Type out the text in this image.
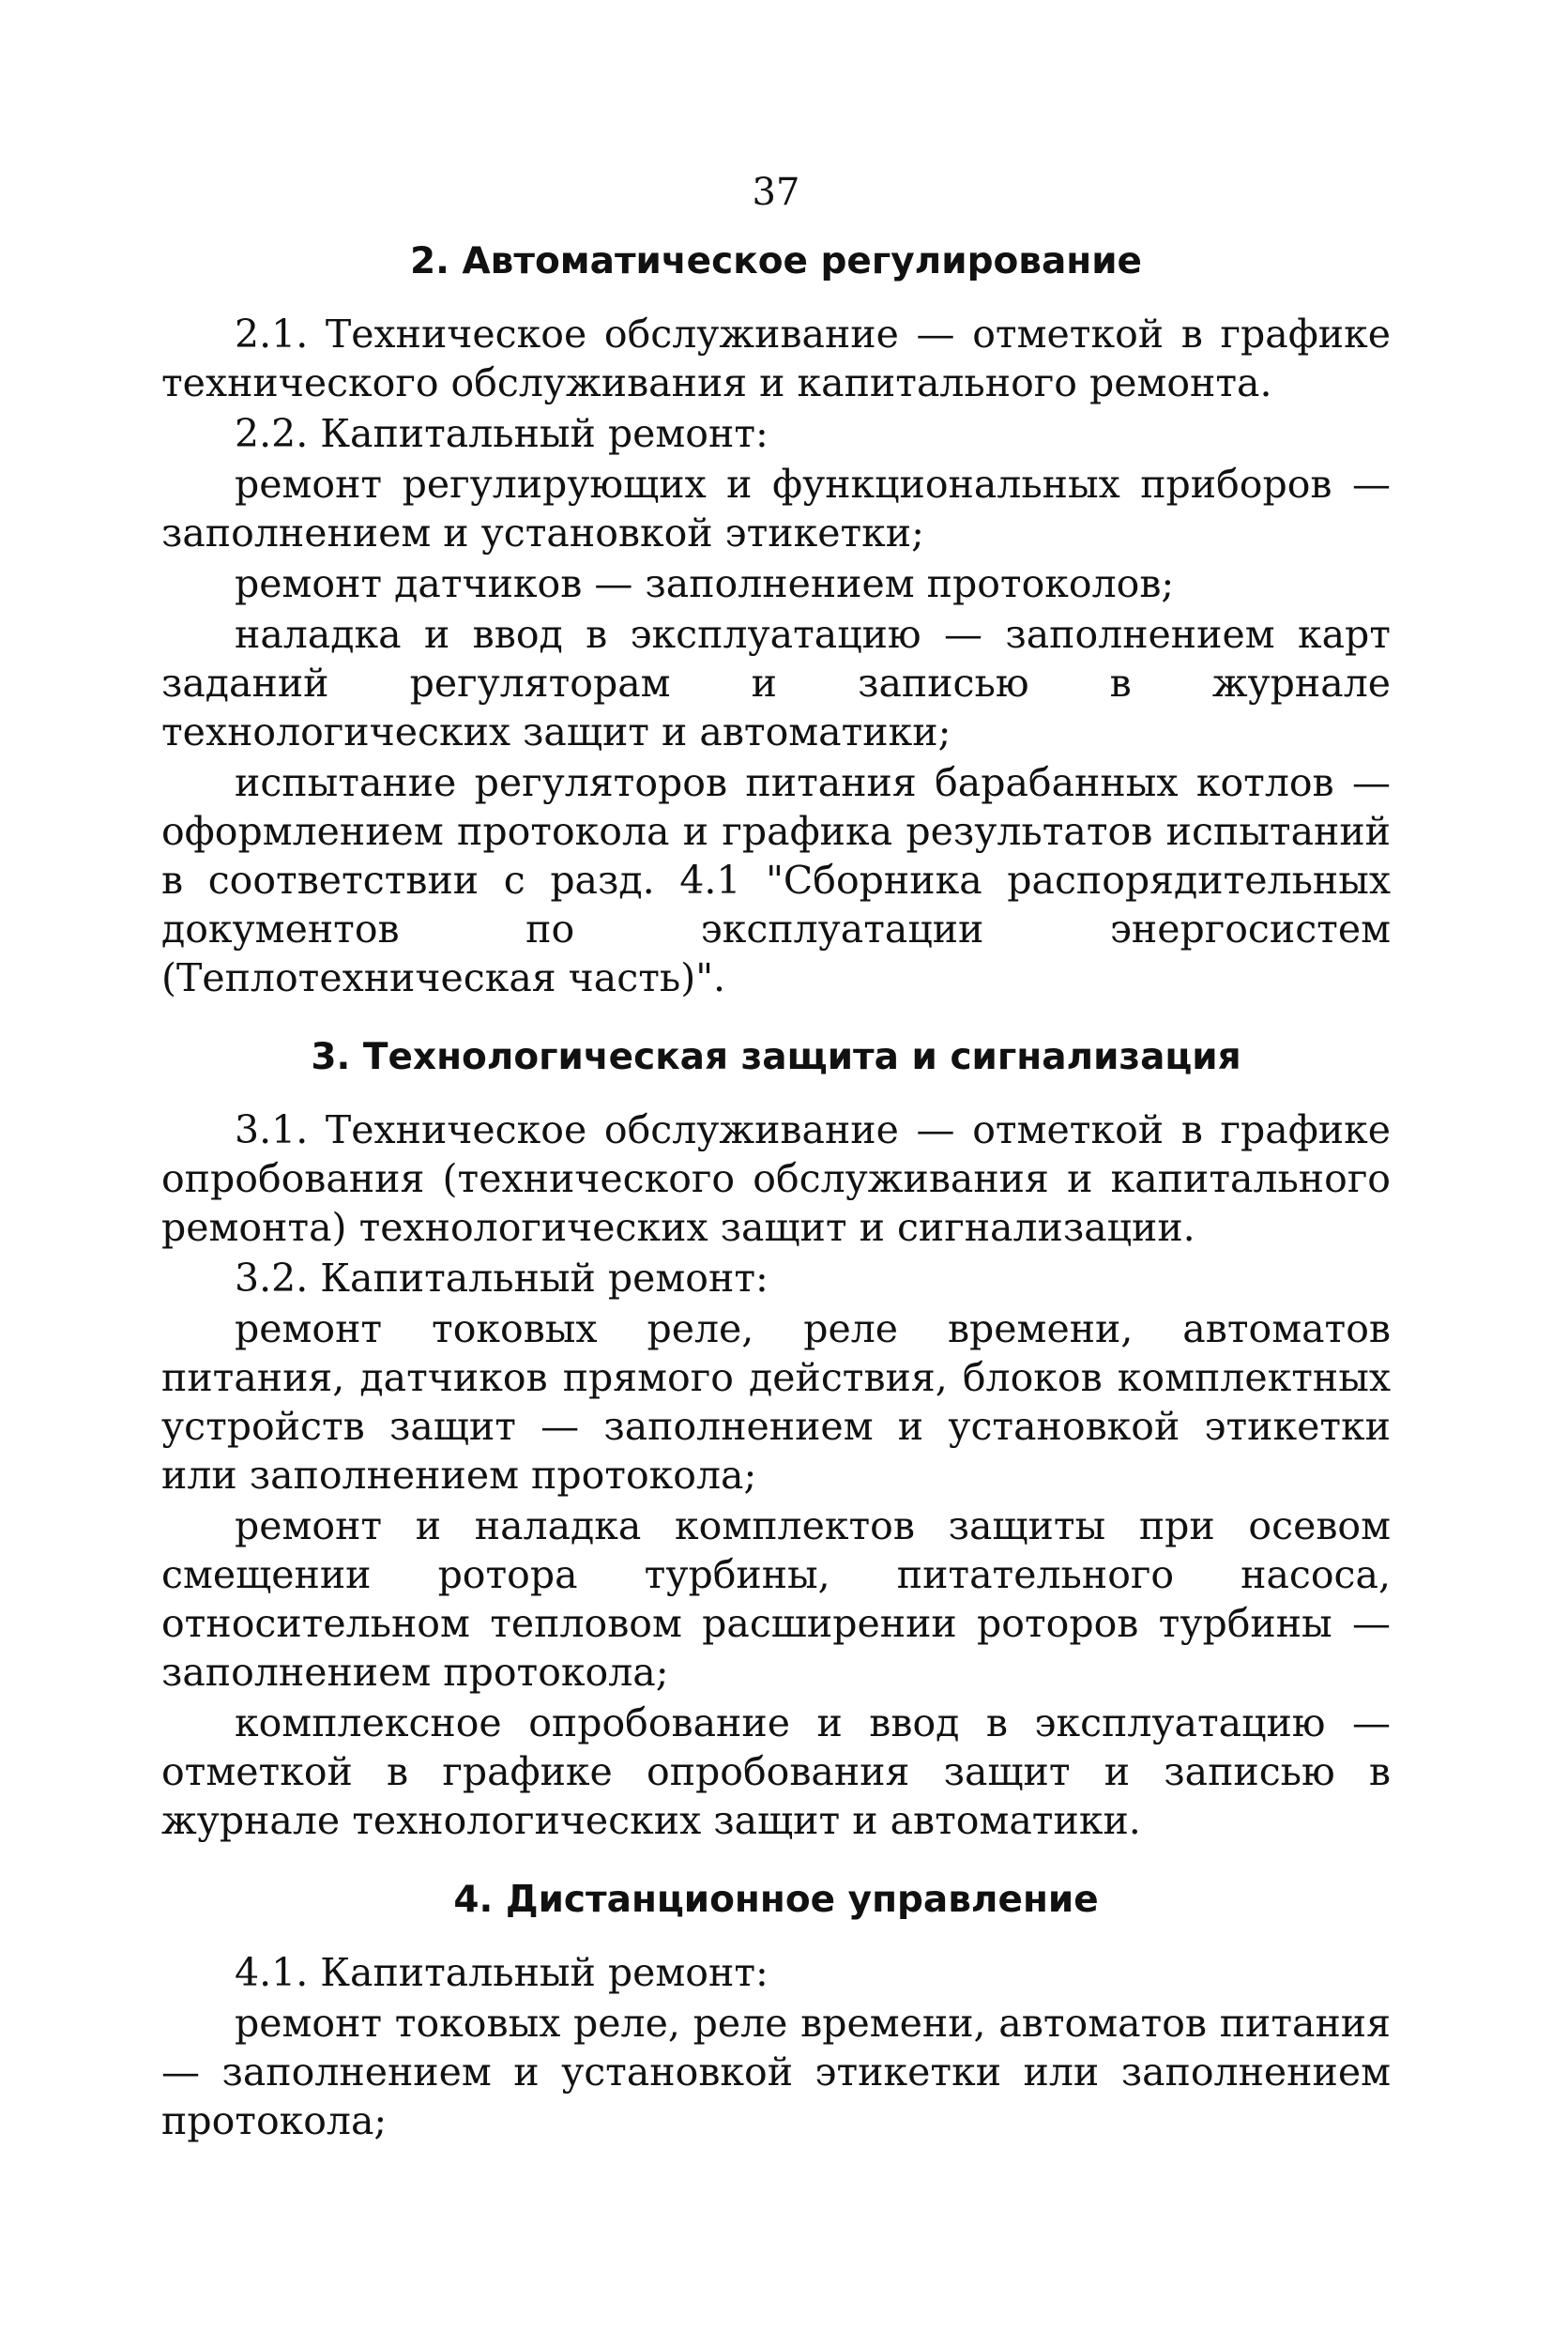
37
2. Автоматическое регулирование

2.1. Техническое обслуживание — отметкой в графике технического обслуживания и капитального ремонта.

2.2. Капитальный ремонт:

ремонт регулирующих и функциональных приборов — заполнением и установкой этикетки;

ремонт датчиков — заполнением протоколов;

наладка и ввод в эксплуатацию — заполнением карт заданий регуляторам и записью в журнале технологических защит и автоматики;

испытание регуляторов питания барабанных котлов — оформлением протокола и графика результатов испытаний в соответствии с разд. 4.1 "Сборника распорядительных документов по эксплуатации энергосистем (Теплотехническая часть)".

3. Технологическая защита и сигнализация

3.1. Техническое обслуживание — отметкой в графике опробования (технического обслуживания и капитального ремонта) технологических защит и сигнализации.

3.2. Капитальный ремонт:

ремонт токовых реле, реле времени, автоматов питания, датчиков прямого действия, блоков комплектных устройств защит — заполнением и установкой этикетки или заполнением протокола;

ремонт и наладка комплектов защиты при осевом смещении ротора турбины, питательного насоса, относительном тепловом расширении роторов турбины — заполнением протокола;

комплексное опробование и ввод в эксплуатацию — отметкой в графике опробования защит и записью в журнале технологических защит и автоматики.

4. Дистанционное управление

4.1. Капитальный ремонт:

ремонт токовых реле, реле времени, автоматов питания — заполнением и установкой этикетки или заполнением протокола;
